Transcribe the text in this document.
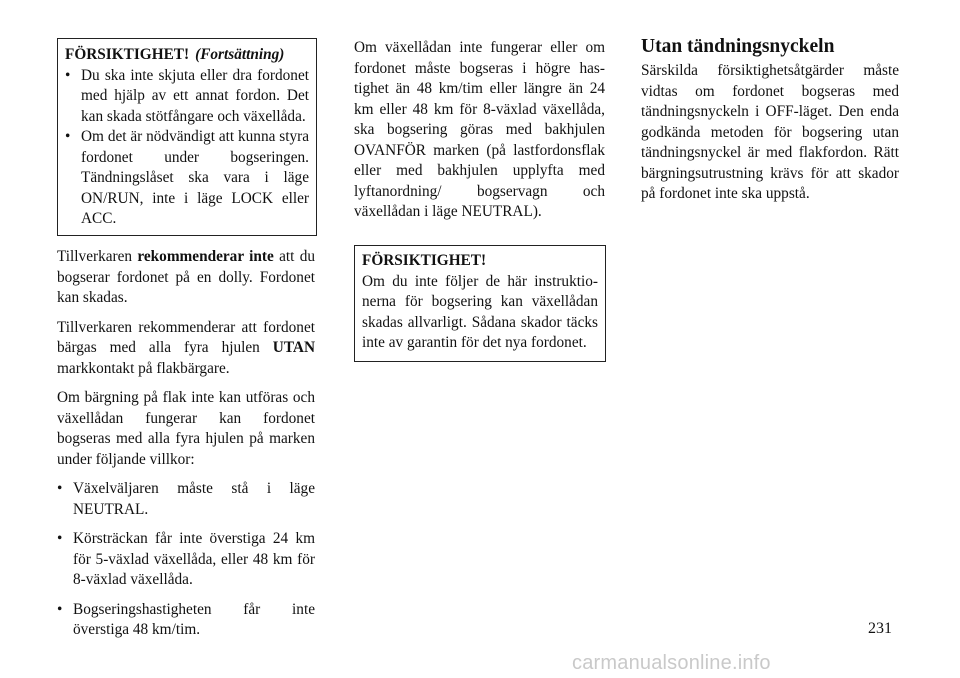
FÖRSIKTIGHET! (Fortsättning)
• Du ska inte skjuta eller dra fordonet med hjälp av ett annat fordon. Det kan skada stötfångare och växellåda.
• Om det är nödvändigt att kunna styra fordonet under bogseringen. Tändningslåset ska vara i läge ON/RUN, inte i läge LOCK eller ACC.

Tillverkaren rekommenderar inte att du bogserar fordonet på en dolly. Fordonet kan skadas.

Tillverkaren rekommenderar att fordonet bärgas med alla fyra hjulen UTAN markkontakt på flakbärgare.

Om bärgning på flak inte kan utföras och växellådan fungerar kan fordonet bogseras med alla fyra hjulen på marken under följande villkor:

• Växelväljaren måste stå i läge NEUTRAL.
• Körsträckan får inte överstiga 24 km för 5-växlad växellåda, eller 48 km för 8-växlad växellåda.
• Bogseringshastigheten får inte överstiga 48 km/tim.
Om växellådan inte fungerar eller om fordonet måste bogseras i högre hastighet än 48 km/tim eller längre än 24 km eller 48 km för 8-växlad växellåda, ska bogsering göras med bakhjulen OVANFÖR marken (på lastfordonsflak eller med bakhjulen upplyfta med lyftanordning/ bogservagn och växellådan i läge NEUTRAL).
FÖRSIKTIGHET!

Om du inte följer de här instruktionerna för bogsering kan växellådan skadas allvarligt. Sådana skador täcks inte av garantin för det nya fordonet.

Utan tändningsnyckeln

Särskilda försiktighetsåtgärder måste vidtas om fordonet bogseras med tändningsnyckeln i OFF-läget. Den enda godkända metoden för bogsering utan tändningsnyckel är med flakfordon. Rätt bärgningsutrustning krävs för att skador på fordonet inte ska uppstå.

231
carmanualsonline.info
